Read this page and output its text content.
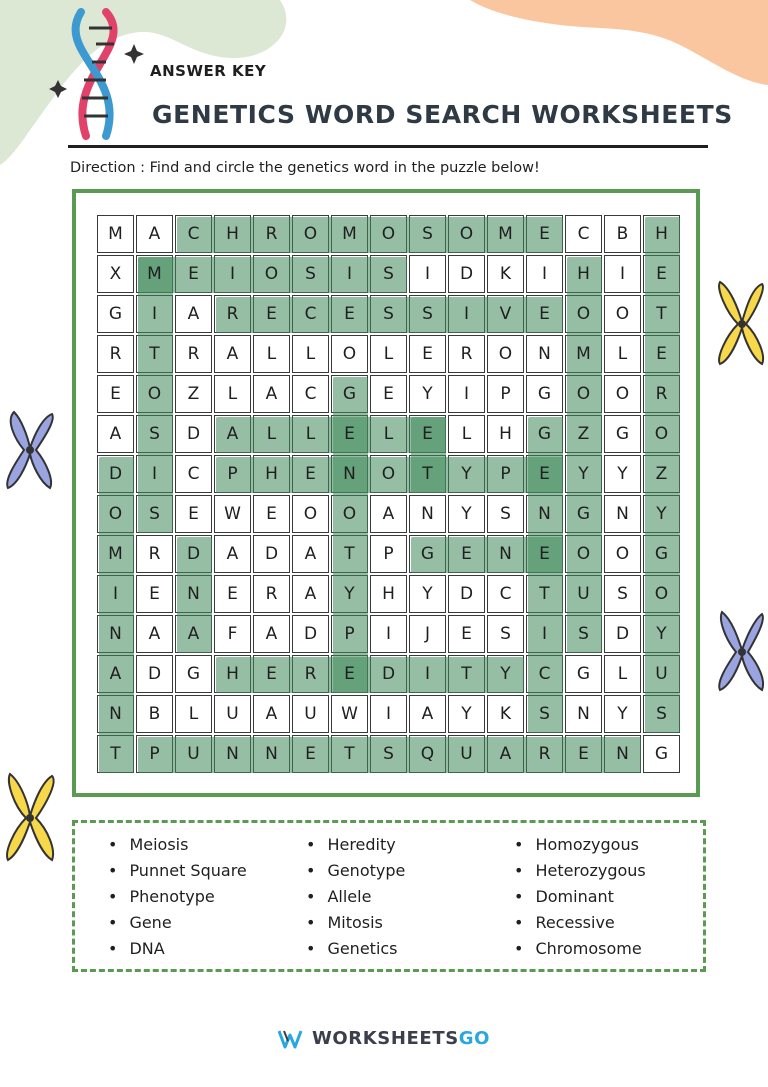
ANSWER KEY
GENETICS WORD SEARCH WORKSHEETS
Direction : Find and circle the genetics word in the puzzle below!
M	A	C	H	R	O	M	O	S	O	M	E	C	B	H
X	M	E	I	O	S	I	S	I	D	K	I	H	I	E
G	I	A	R	E	C	E	S	S	I	V	E	O	O	T
R	T	R	A	L	L	O	L	E	R	O	N	M	L	E
E	O	Z	L	A	C	G	E	Y	I	P	G	O	O	R
A	S	D	A	L	L	E	L	E	L	H	G	Z	G	O
D	I	C	P	H	E	N	O	T	Y	P	E	Y	Y	Z
O	S	E	W	E	O	O	A	N	Y	S	N	G	N	Y
M	R	D	A	D	A	T	P	G	E	N	E	O	O	G
I	E	N	E	R	A	Y	H	Y	D	C	T	U	S	O
N	A	A	F	A	D	P	I	J	E	S	I	S	D	Y
A	D	G	H	E	R	E	D	I	T	Y	C	G	L	U
N	B	L	U	A	U	W	I	A	Y	K	S	N	Y	S
T	P	U	N	N	E	T	S	Q	U	A	R	E	N	G
• Meiosis
• Punnet Square
• Phenotype
• Gene
• DNA
• Heredity
• Genotype
• Allele
• Mitosis
• Genetics
• Homozygous
• Heterozygous
• Dominant
• Recessive
• Chromosome
WORKSHEETSGO
